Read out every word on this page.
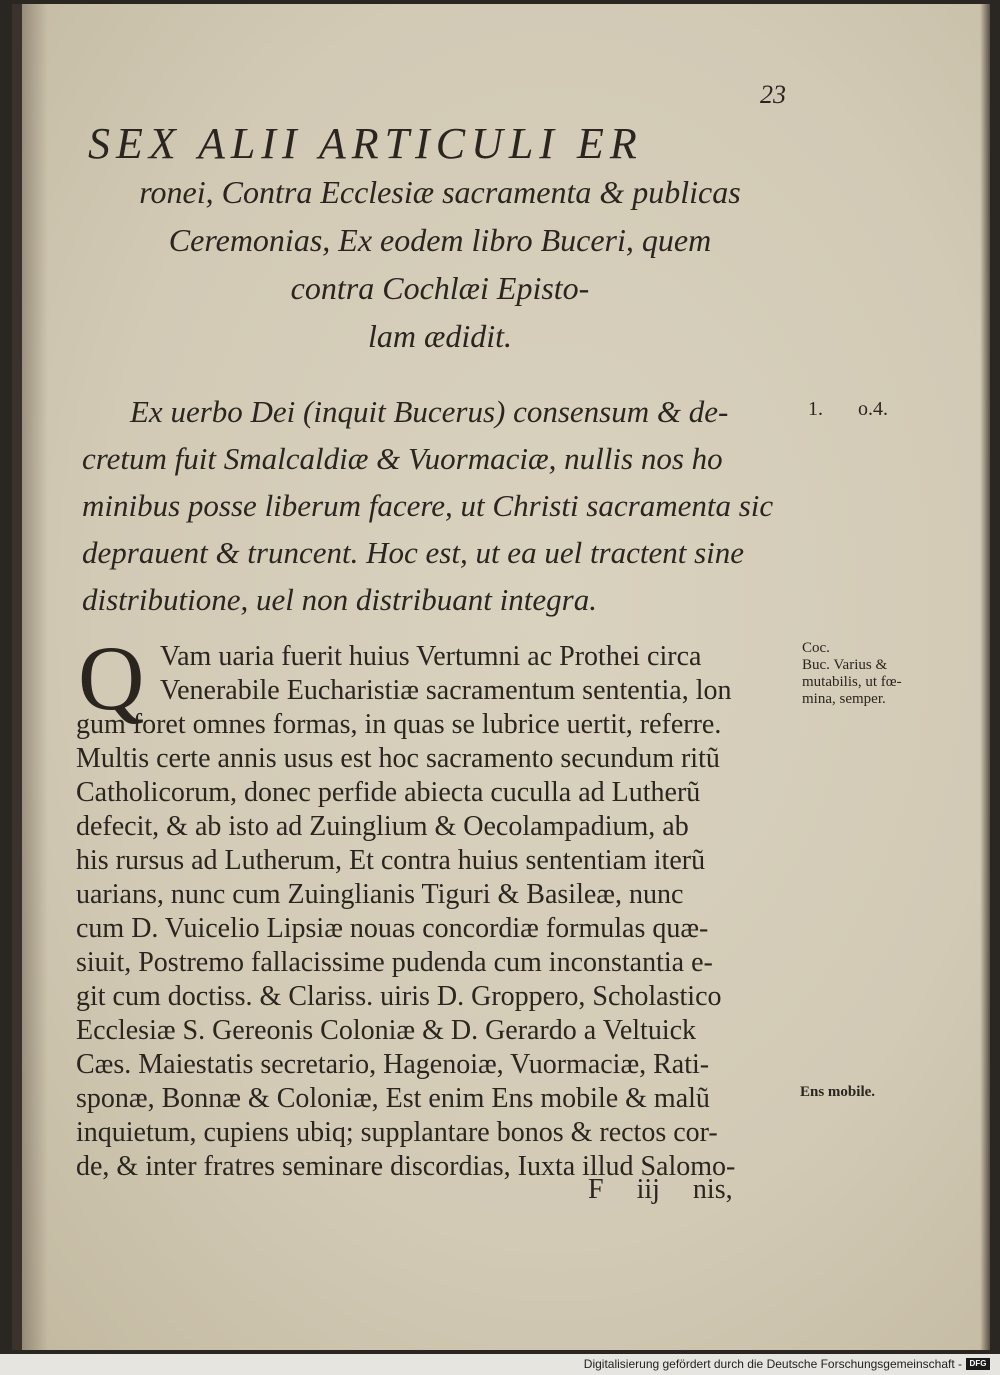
23
SEX ALII ARTICULI ER
ronei, Contra Ecclesiæ sacramenta & publicas
Ceremonias, Ex eodem libro Buceri, quem
contra Cochlæi Episto-
lam ædidit.
Ex uerbo Dei (inquit Bucerus) consensum & de-
cretum fuit Smalcaldiæ & Vuormaciæ, nullis nos ho
minibus posse liberum facere, ut Christi sacramenta sic
deprauent & truncent. Hoc est, ut ea uel tractent sine
distributione, uel non distribuant integra.
1. o.4.
Q Vam uaria fuerit huius Vertumni ac Prothei circa
Venerabile Eucharistiæ sacramentum sententia, lon
gum foret omnes formas, in quas se lubrice uertit, referre.
Multis certe annis usus est hoc sacramento secundum ritũ
Catholicorum, donec perfide abiecta cuculla ad Lutherũ
defecit, & ab isto ad Zuinglium & Oecolampadium, ab
his rursus ad Lutherum, Et contra huius sententiam iterũ
uarians, nunc cum Zuinglianis Tiguri & Basileæ, nunc
cum D. Vuicelio Lipsiæ nouas concordiæ formulas quæ-
siuit, Postremo fallacissime pudenda cum inconstantia e-
git cum doctiss. & Clariss. uiris D. Groppero, Scholastico
Ecclesiæ S. Gereonis Coloniæ & D. Gerardo a Veltuick
Cæs. Maiestatis secretario, Hagenoiæ, Vuormaciæ, Rati-
sponæ, Bonnæ & Coloniæ, Est enim Ens mobile & malũ
inquietum, cupiens ubiq; supplantare bonos & rectos cor-
de, & inter fratres seminare discordias, Iuxta illud Salomo-
Coc.
Buc. Varius &
mutabilis, ut fœ-
mina, semper.
Ens mobile.
F iij nis,
Digitalisierung gefördert durch die Deutsche Forschungsgemeinschaft - DFG
